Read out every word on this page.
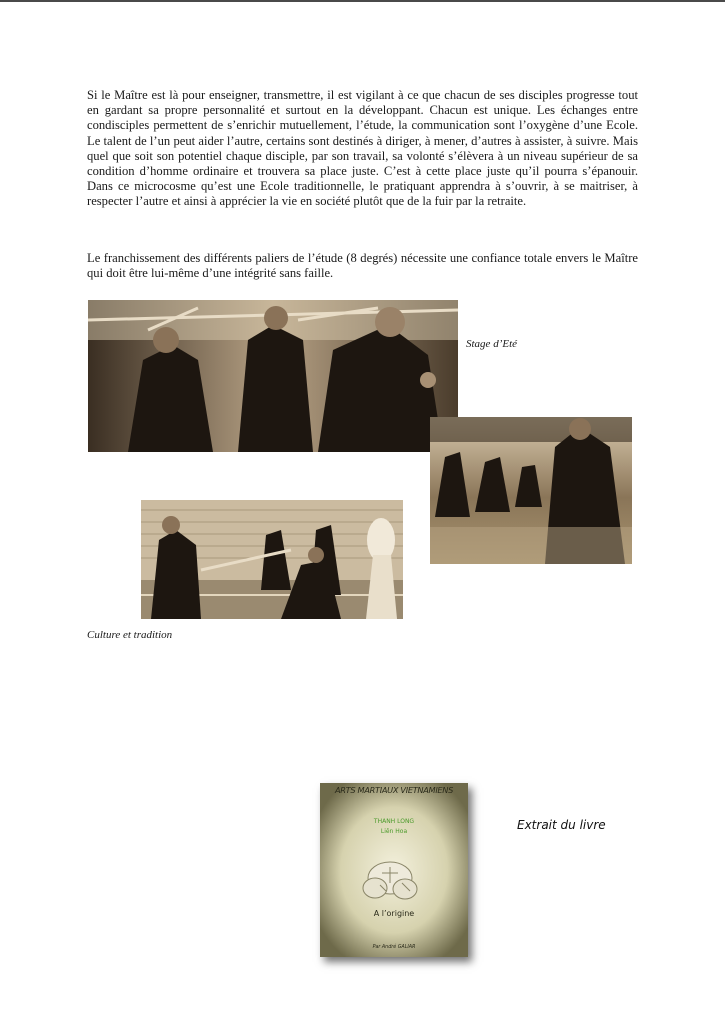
Si le Maître est là pour enseigner, transmettre, il est vigilant à ce que chacun de ses disciples progresse tout en gardant sa propre personnalité et surtout en la développant. Chacun est unique. Les échanges entre condisciples permettent de s’enrichir mutuellement, l’étude, la communication sont l’oxygène d’une Ecole. Le talent de l’un peut aider l’autre, certains sont destinés à diriger, à mener, d’autres à assister, à suivre. Mais quel que soit son potentiel chaque disciple, par son travail, sa volonté s’élèvera à un niveau supérieur de sa condition d’homme ordinaire et trouvera sa place juste. C’est à cette place juste qu’il pourra s’épanouir. Dans ce microcosme qu’est une Ecole traditionnelle, le pratiquant apprendra à s’ouvrir, à se maitriser, à respecter l’autre et ainsi à apprécier la vie en société plutôt que de la fuir par la retraite.

Le franchissement des différents paliers de l’étude (8 degrés) nécessite une confiance totale envers le Maître qui doit être lui-même d’une intégrité sans faille.

Stage d’Eté
Culture et tradition
ARTS MARTIAUX VIETNAMIENS
THANH LONG
Liên Hoa
A l’origine
Par André GALIAR
Extrait du livre
